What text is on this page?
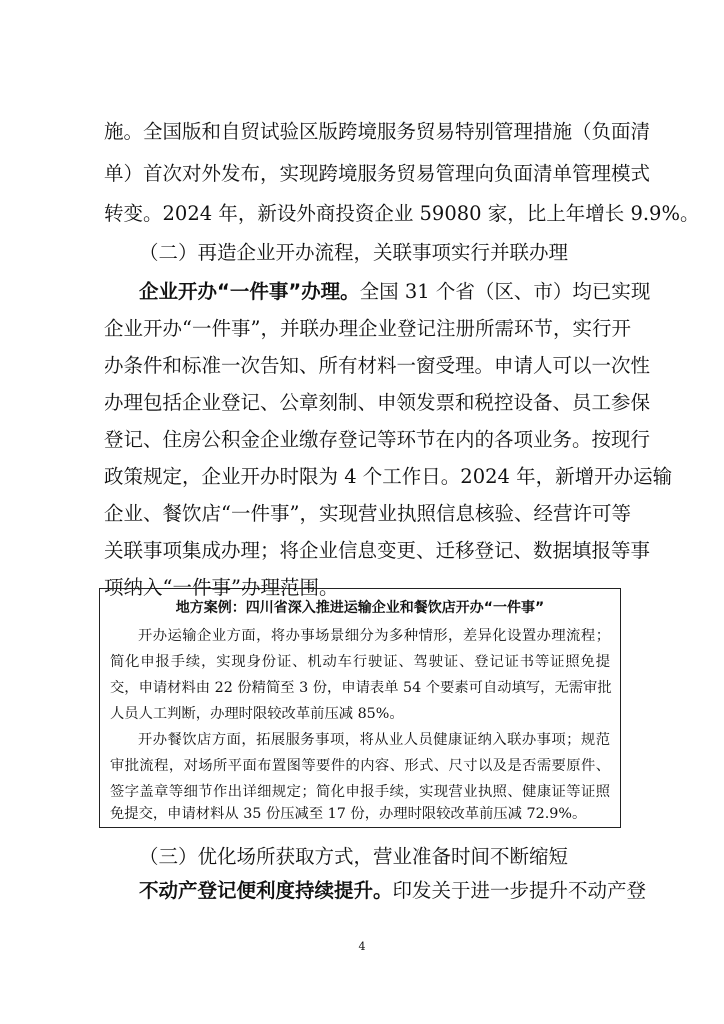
施。全国版和自贸试验区版跨境服务贸易特别管理措施（负面清
单）首次对外发布，实现跨境服务贸易管理向负面清单管理模式
转变。2024 年，新设外商投资企业 59080 家，比上年增长 9.9%。
（二）再造企业开办流程，关联事项实行并联办理
企业开办“一件事”办理。全国 31 个省（区、市）均已实现
企业开办“一件事”，并联办理企业登记注册所需环节，实行开
办条件和标准一次告知、所有材料一窗受理。申请人可以一次性
办理包括企业登记、公章刻制、申领发票和税控设备、员工参保
登记、住房公积金企业缴存登记等环节在内的各项业务。按现行
政策规定，企业开办时限为 4 个工作日。2024 年，新增开办运输
企业、餐饮店“一件事”，实现营业执照信息核验、经营许可等
关联事项集成办理；将企业信息变更、迁移登记、数据填报等事
项纳入“一件事”办理范围。
地方案例：四川省深入推进运输企业和餐饮店开办“一件事”
开办运输企业方面，将办事场景细分为多种情形，差异化设置办理流程；
简化申报手续，实现身份证、机动车行驶证、驾驶证、登记证书等证照免提
交，申请材料由 22 份精简至 3 份，申请表单 54 个要素可自动填写，无需审批
人员人工判断，办理时限较改革前压减 85%。
开办餐饮店方面，拓展服务事项，将从业人员健康证纳入联办事项；规范
审批流程，对场所平面布置图等要件的内容、形式、尺寸以及是否需要原件、
签字盖章等细节作出详细规定；简化申报手续，实现营业执照、健康证等证照
免提交，申请材料从 35 份压减至 17 份，办理时限较改革前压减 72.9%。
（三）优化场所获取方式，营业准备时间不断缩短
不动产登记便利度持续提升。印发关于进一步提升不动产登
4
